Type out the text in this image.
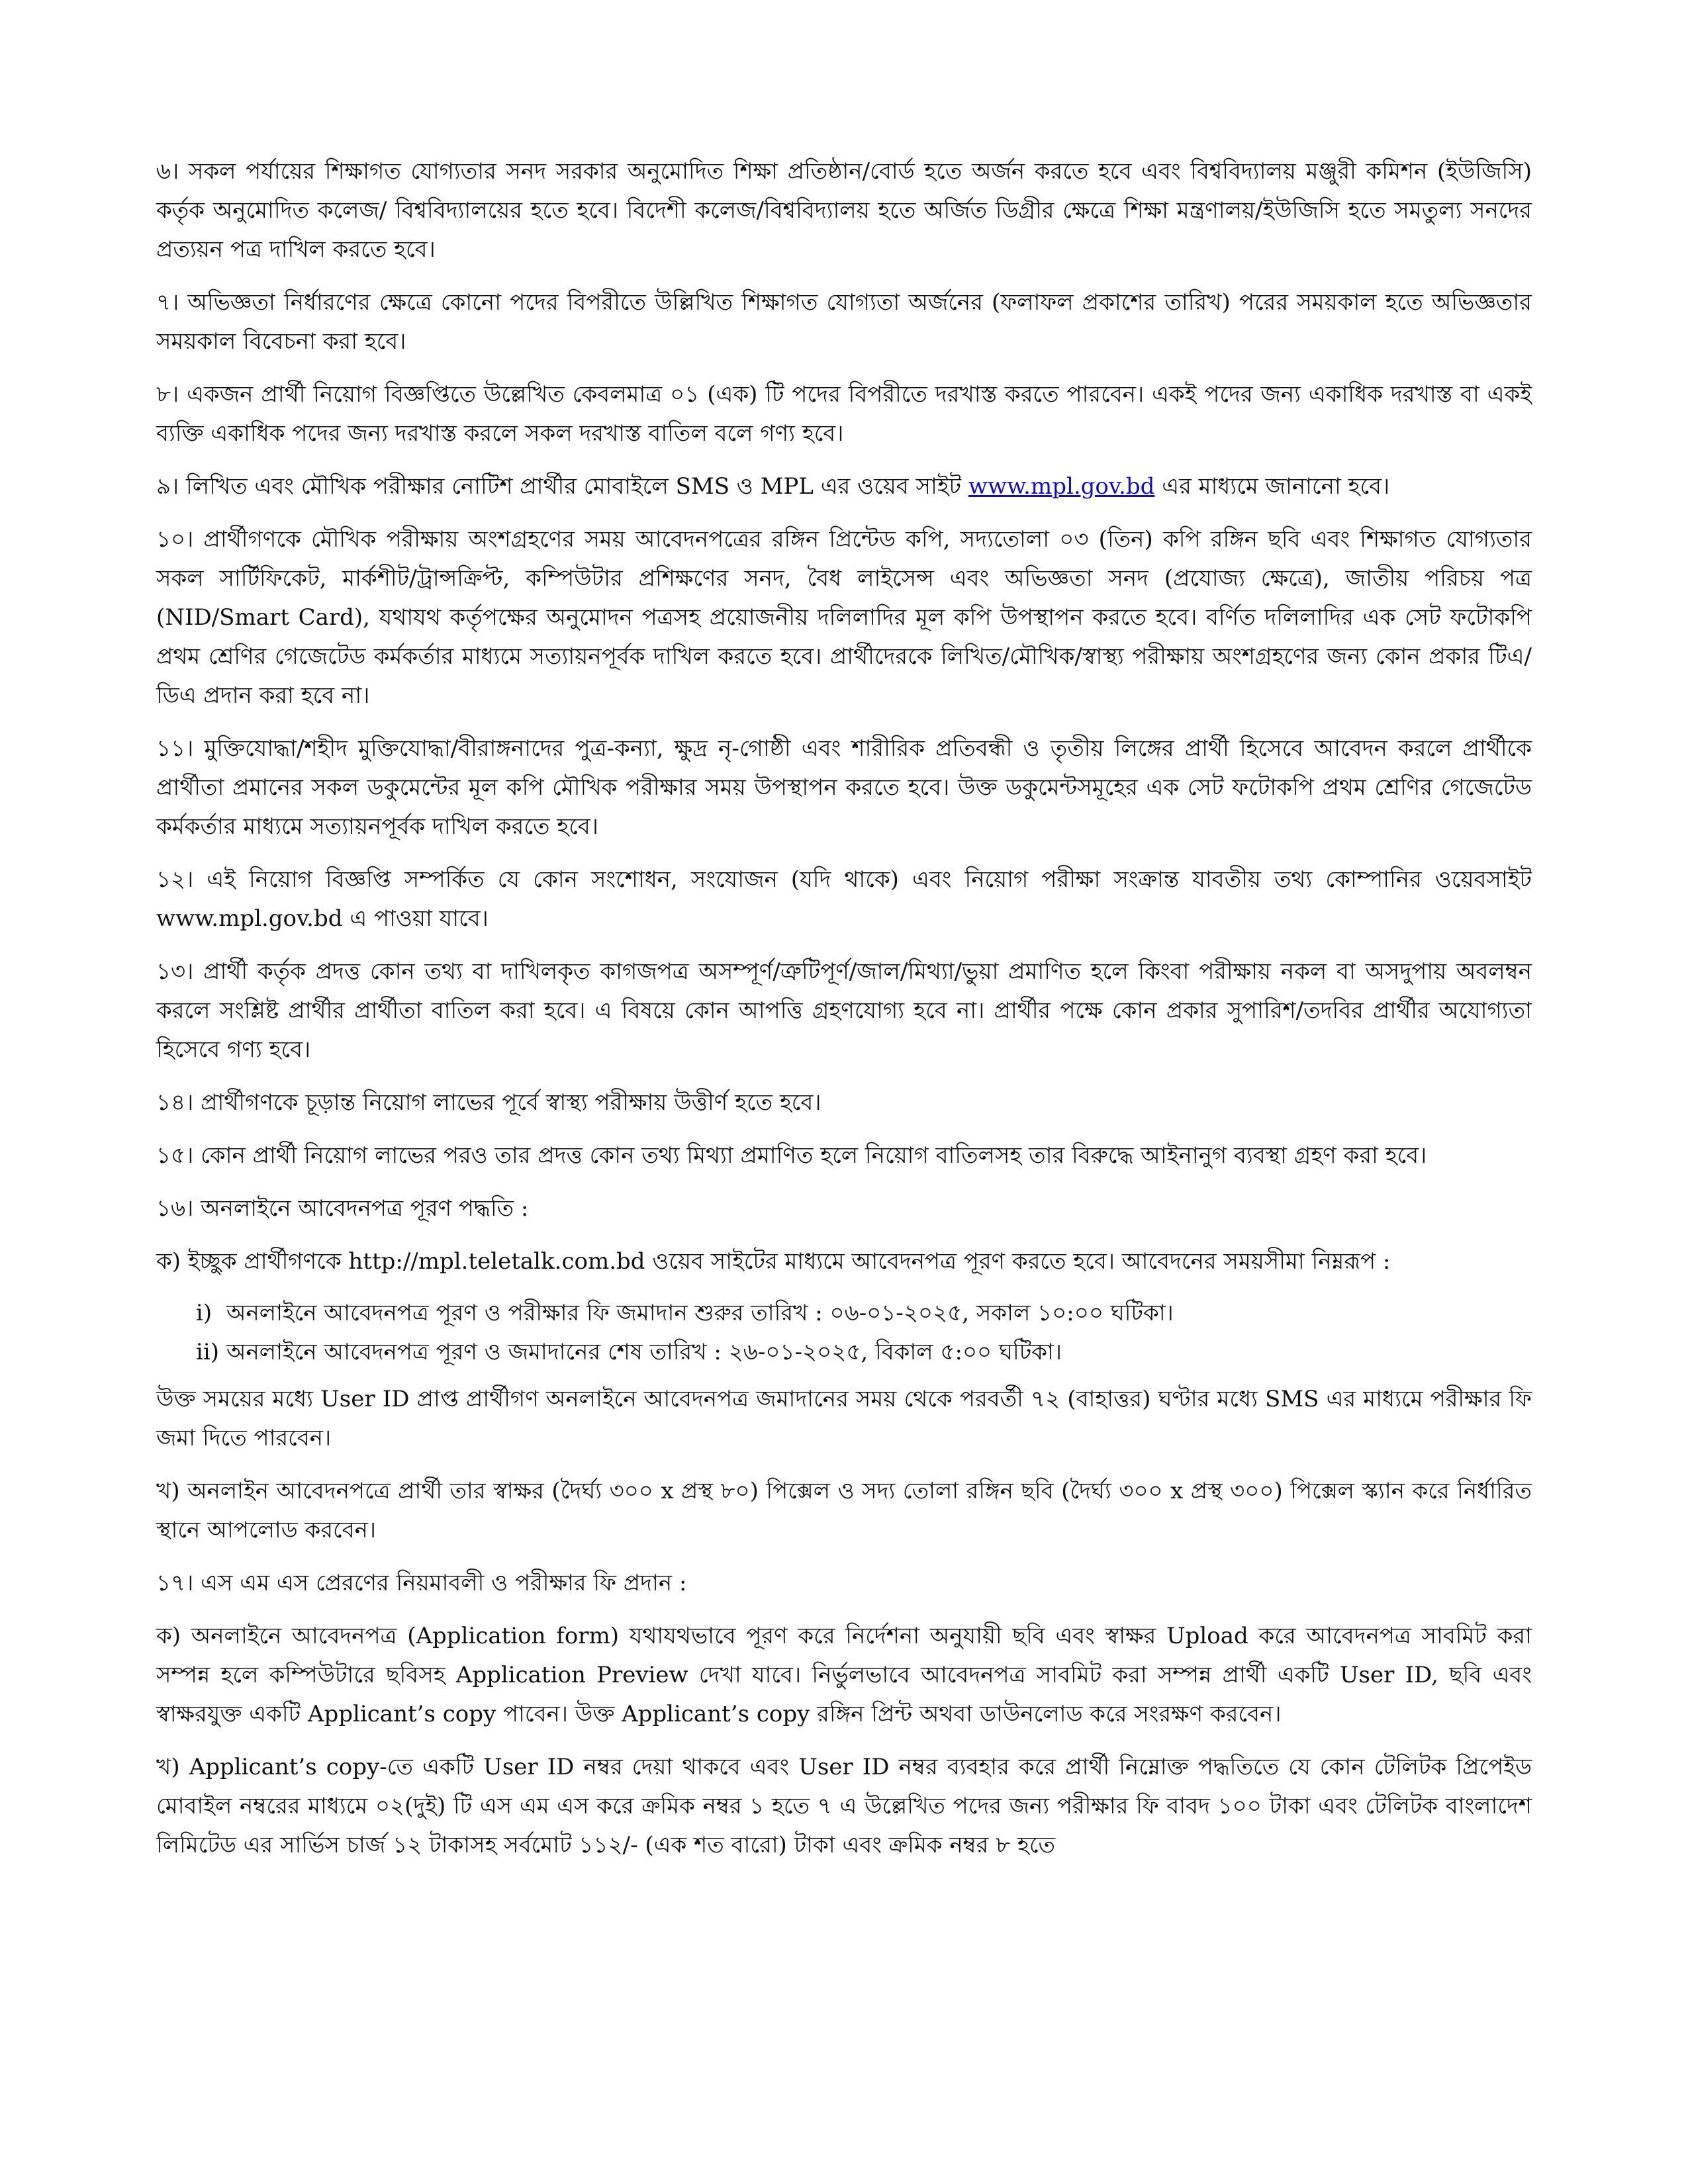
৬। সকল পর্যায়ের শিক্ষাগত যোগ্যতার সনদ সরকার অনুমোদিত শিক্ষা প্রতিষ্ঠান/বোর্ড হতে অর্জন করতে হবে এবং বিশ্ববিদ্যালয় মঞ্জুরী কমিশন (ইউজিসি) কর্তৃক অনুমোদিত কলেজ/ বিশ্ববিদ্যালয়ের হতে হবে। বিদেশী কলেজ/বিশ্ববিদ্যালয় হতে অর্জিত ডিগ্রীর ক্ষেত্রে শিক্ষা মন্ত্রণালয়/ইউজিসি হতে সমতুল্য সনদের প্রত্যয়ন পত্র দাখিল করতে হবে।

৭। অভিজ্ঞতা নির্ধারণের ক্ষেত্রে কোনো পদের বিপরীতে উল্লিখিত শিক্ষাগত যোগ্যতা অর্জনের (ফলাফল প্রকাশের তারিখ) পরের সময়কাল হতে অভিজ্ঞতার সময়কাল বিবেচনা করা হবে।

৮। একজন প্রার্থী নিয়োগ বিজ্ঞপ্তিতে উল্লেখিত কেবলমাত্র ০১ (এক) টি পদের বিপরীতে দরখাস্ত করতে পারবেন। একই পদের জন্য একাধিক দরখাস্ত বা একই ব্যক্তি একাধিক পদের জন্য দরখাস্ত করলে সকল দরখাস্ত বাতিল বলে গণ্য হবে।

৯। লিখিত এবং মৌখিক পরীক্ষার নোটিশ প্রার্থীর মোবাইলে SMS ও MPL এর ওয়েব সাইট www.mpl.gov.bd এর মাধ্যমে জানানো হবে।

১০। প্রার্থীগণকে মৌখিক পরীক্ষায় অংশগ্রহণের সময় আবেদনপত্রের রঙ্গিন প্রিন্টেড কপি, সদ্যতোলা ০৩ (তিন) কপি রঙ্গিন ছবি এবং শিক্ষাগত যোগ্যতার সকল সার্টিফিকেট, মার্কশীট/ট্রান্সক্রিপ্ট, কম্পিউটার প্রশিক্ষণের সনদ, বৈধ লাইসেন্স এবং অভিজ্ঞতা সনদ (প্রযোজ্য ক্ষেত্রে), জাতীয় পরিচয় পত্র (NID/Smart Card), যথাযথ কর্তৃপক্ষের অনুমোদন পত্রসহ প্রয়োজনীয় দলিলাদির মূল কপি উপস্থাপন করতে হবে। বর্ণিত দলিলাদির এক সেট ফটোকপি প্রথম শ্রেণির গেজেটেড কর্মকর্তার মাধ্যমে সত্যায়নপূর্বক দাখিল করতে হবে। প্রার্থীদেরকে লিখিত/মৌখিক/স্বাস্থ্য পরীক্ষায় অংশগ্রহণের জন্য কোন প্রকার টিএ/ডিএ প্রদান করা হবে না।

১১। মুক্তিযোদ্ধা/শহীদ মুক্তিযোদ্ধা/বীরাঙ্গনাদের পুত্র-কন্যা, ক্ষুদ্র নৃ-গোষ্ঠী এবং শারীরিক প্রতিবন্ধী ও তৃতীয় লিঙ্গের প্রার্থী হিসেবে আবেদন করলে প্রার্থীকে প্রার্থীতা প্রমানের সকল ডকুমেন্টের মূল কপি মৌখিক পরীক্ষার সময় উপস্থাপন করতে হবে। উক্ত ডকুমেন্টসমূহের এক সেট ফটোকপি প্রথম শ্রেণির গেজেটেড কর্মকর্তার মাধ্যমে সত্যায়নপূর্বক দাখিল করতে হবে।

১২। এই নিয়োগ বিজ্ঞপ্তি সম্পর্কিত যে কোন সংশোধন, সংযোজন (যদি থাকে) এবং নিয়োগ পরীক্ষা সংক্রান্ত যাবতীয় তথ্য কোম্পানির ওয়েবসাইট www.mpl.gov.bd এ পাওয়া যাবে।

১৩। প্রার্থী কর্তৃক প্রদত্ত কোন তথ্য বা দাখিলকৃত কাগজপত্র অসম্পূর্ণ/ত্রুটিপূর্ণ/জাল/মিথ্যা/ভুয়া প্রমাণিত হলে কিংবা পরীক্ষায় নকল বা অসদুপায় অবলম্বন করলে সংশ্লিষ্ট প্রার্থীর প্রার্থীতা বাতিল করা হবে। এ বিষয়ে কোন আপত্তি গ্রহণযোগ্য হবে না। প্রার্থীর পক্ষে কোন প্রকার সুপারিশ/তদবির প্রার্থীর অযোগ্যতা হিসেবে গণ্য হবে।

১৪। প্রার্থীগণকে চূড়ান্ত নিয়োগ লাভের পূর্বে স্বাস্থ্য পরীক্ষায় উত্তীর্ণ হতে হবে।

১৫। কোন প্রার্থী নিয়োগ লাভের পরও তার প্রদত্ত কোন তথ্য মিথ্যা প্রমাণিত হলে নিয়োগ বাতিলসহ তার বিরুদ্ধে আইনানুগ ব্যবস্থা গ্রহণ করা হবে।

১৬। অনলাইনে আবেদনপত্র পূরণ পদ্ধতি :

ক) ইচ্ছুক প্রার্থীগণকে http://mpl.teletalk.com.bd ওয়েব সাইটের মাধ্যমে আবেদনপত্র পূরণ করতে হবে। আবেদনের সময়সীমা নিম্নরূপ :

i) অনলাইনে আবেদনপত্র পূরণ ও পরীক্ষার ফি জমাদান শুরুর তারিখ : ০৬-০১-২০২৫, সকাল ১০:০০ ঘটিকা।

ii) অনলাইনে আবেদনপত্র পূরণ ও জমাদানের শেষ তারিখ : ২৬-০১-২০২৫, বিকাল ৫:০০ ঘটিকা।

উক্ত সময়ের মধ্যে User ID প্রাপ্ত প্রার্থীগণ অনলাইনে আবেদনপত্র জমাদানের সময় থেকে পরবর্তী ৭২ (বাহাত্তর) ঘণ্টার মধ্যে SMS এর মাধ্যমে পরীক্ষার ফি জমা দিতে পারবেন।

খ) অনলাইন আবেদনপত্রে প্রার্থী তার স্বাক্ষর (দৈর্ঘ্য ৩০০ x প্রস্থ ৮০) পিক্সেল ও সদ্য তোলা রঙ্গিন ছবি (দৈর্ঘ্য ৩০০ x প্রস্থ ৩০০) পিক্সেল স্ক্যান করে নির্ধারিত স্থানে আপলোড করবেন।

১৭। এস এম এস প্রেরণের নিয়মাবলী ও পরীক্ষার ফি প্রদান :

ক) অনলাইনে আবেদনপত্র (Application form) যথাযথভাবে পূরণ করে নির্দেশনা অনুযায়ী ছবি এবং স্বাক্ষর Upload করে আবেদনপত্র সাবমিট করা সম্পন্ন হলে কম্পিউটারে ছবিসহ Application Preview দেখা যাবে। নির্ভুলভাবে আবেদনপত্র সাবমিট করা সম্পন্ন প্রার্থী একটি User ID, ছবি এবং স্বাক্ষরযুক্ত একটি Applicant’s copy পাবেন। উক্ত Applicant’s copy রঙ্গিন প্রিন্ট অথবা ডাউনলোড করে সংরক্ষণ করবেন।

খ) Applicant’s copy-তে একটি User ID নম্বর দেয়া থাকবে এবং User ID নম্বর ব্যবহার করে প্রার্থী নিম্নোক্ত পদ্ধতিতে যে কোন টেলিটক প্রিপেইড মোবাইল নম্বরের মাধ্যমে ০২(দুই) টি এস এম এস করে ক্রমিক নম্বর ১ হতে ৭ এ উল্লেখিত পদের জন্য পরীক্ষার ফি বাবদ ১০০ টাকা এবং টেলিটক বাংলাদেশ লিমিটেড এর সার্ভিস চার্জ ১২ টাকাসহ সর্বমোট ১১২/- (এক শত বারো) টাকা এবং ক্রমিক নম্বর ৮ হতে
